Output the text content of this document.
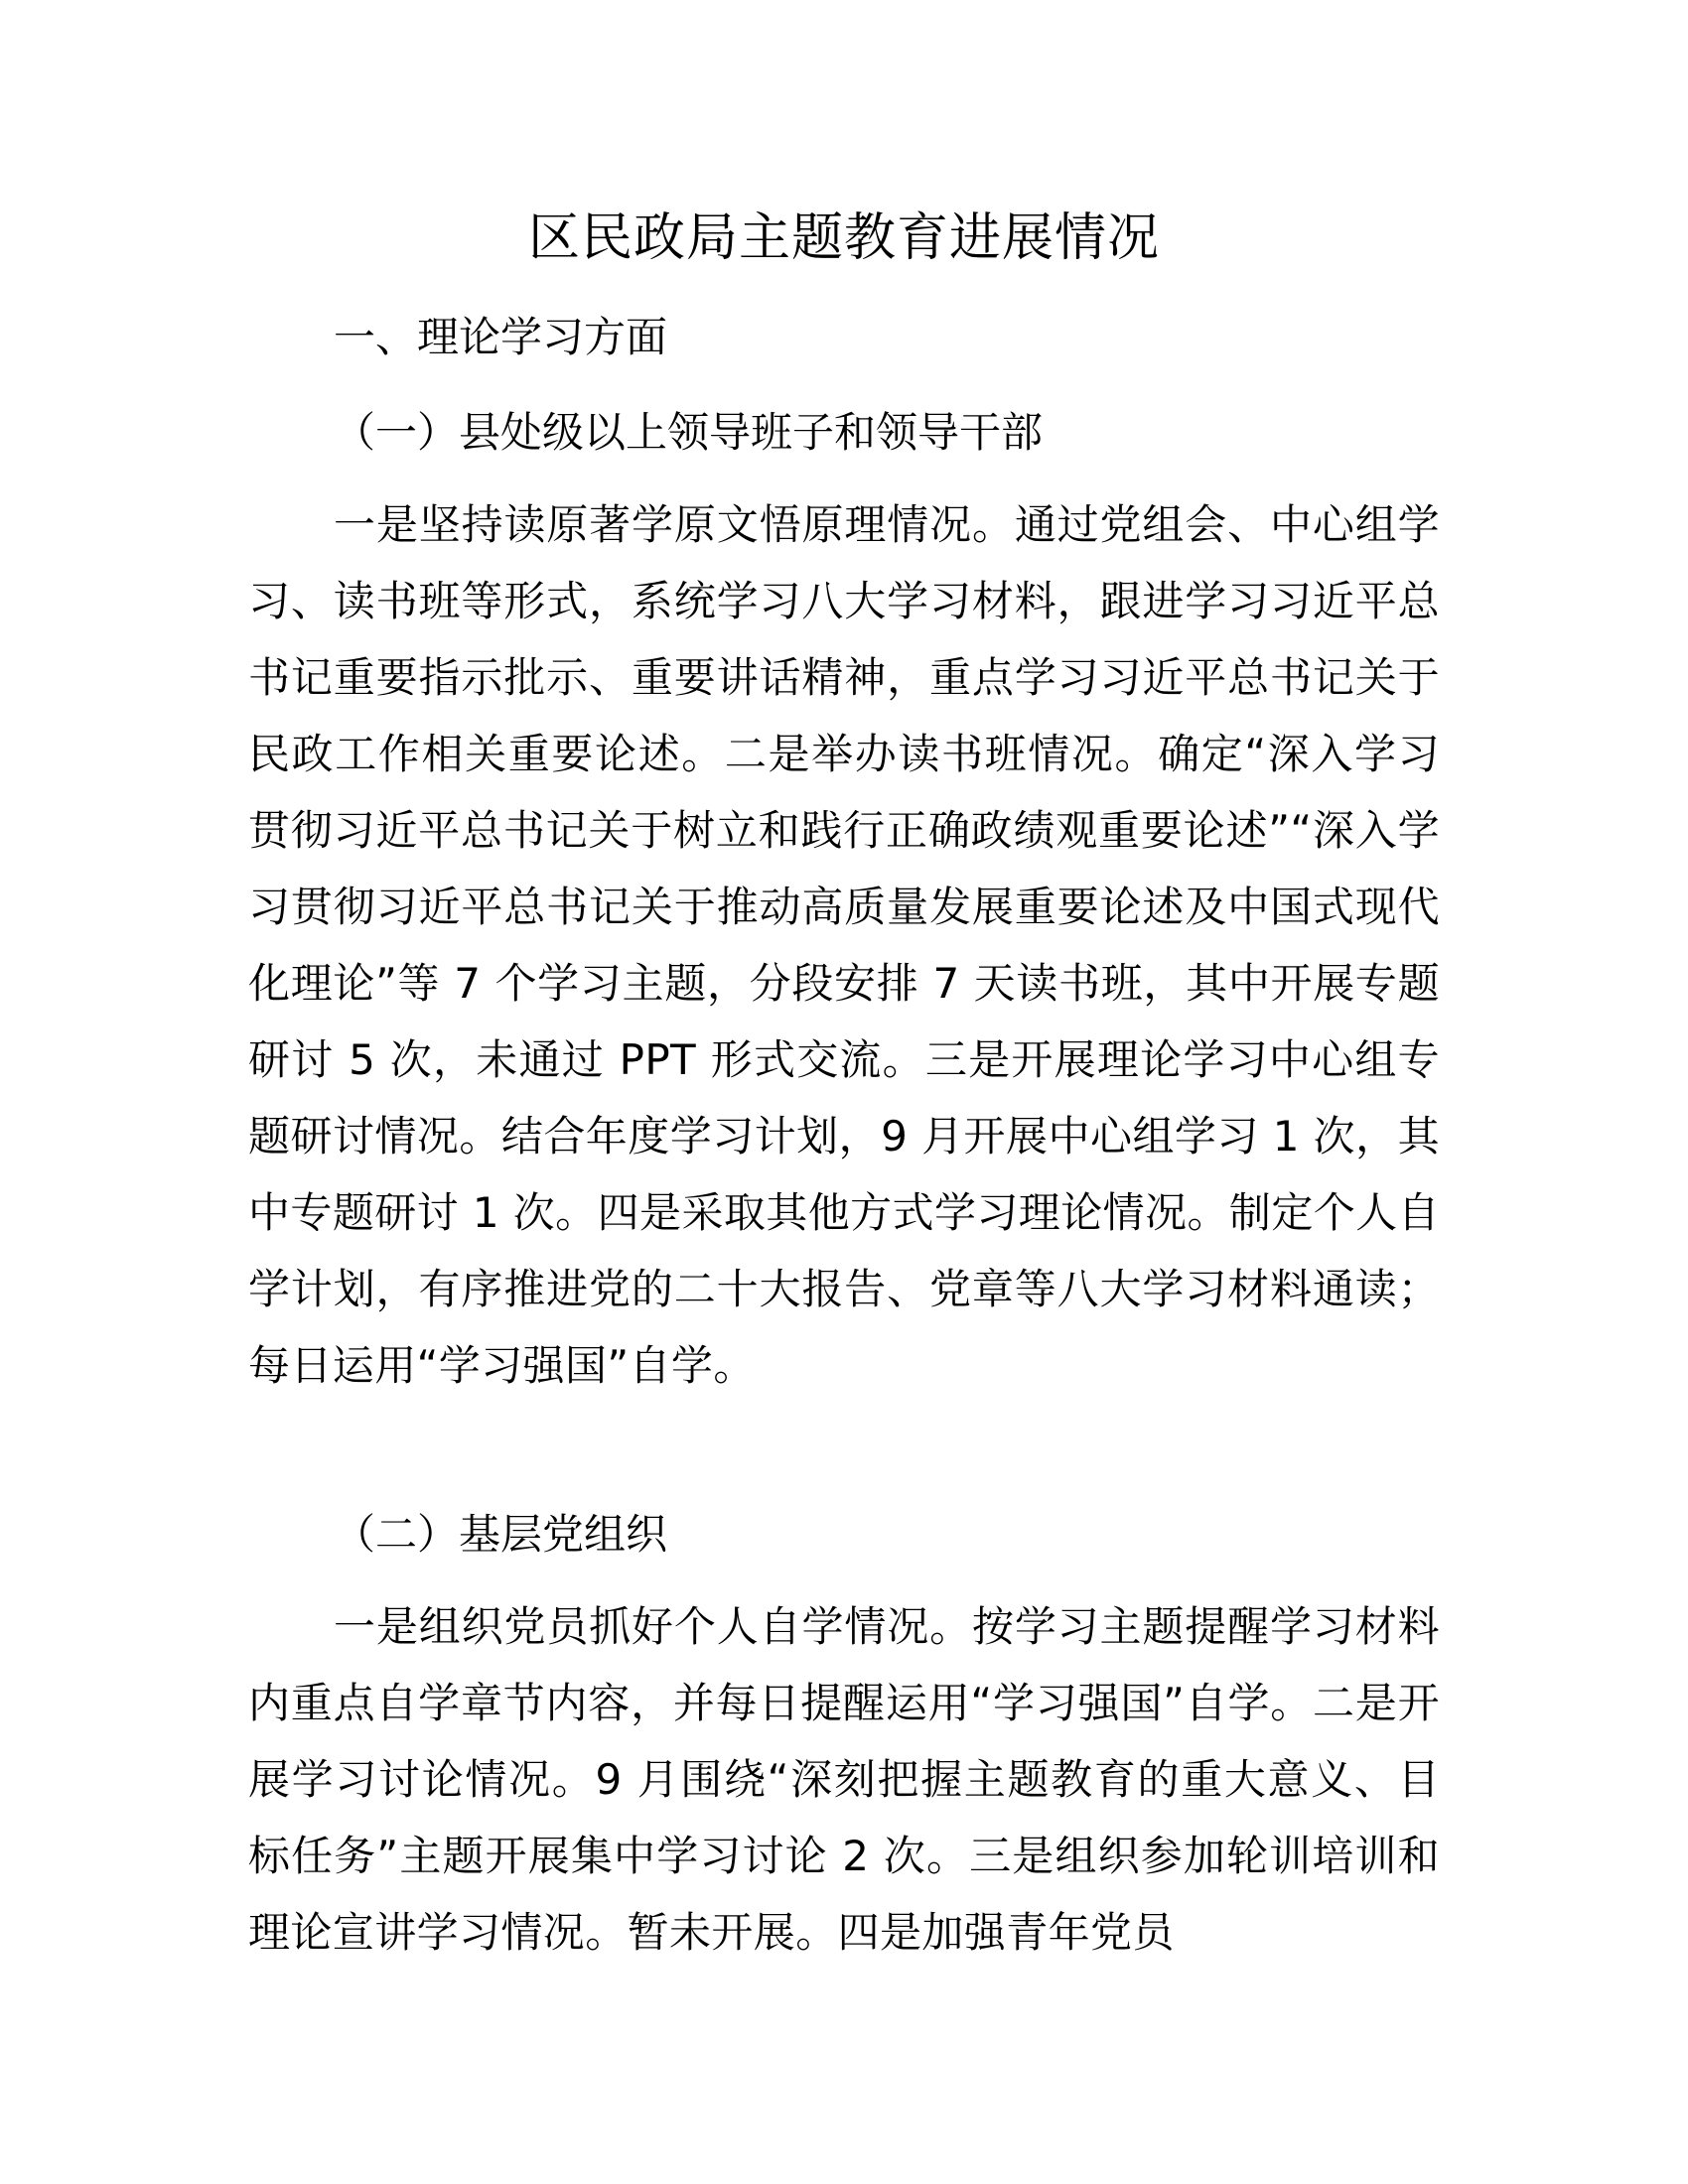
区民政局主题教育进展情况
一、理论学习方面
（一）县处级以上领导班子和领导干部

一是坚持读原著学原文悟原理情况。通过党组会、中心组学习、读书班等形式，系统学习八大学习材料，跟进学习习近平总书记重要指示批示、重要讲话精神，重点学习习近平总书记关于民政工作相关重要论述。二是举办读书班情况。确定“深入学习贯彻习近平总书记关于树立和践行正确政绩观重要论述”“深入学习贯彻习近平总书记关于推动高质量发展重要论述及中国式现代化理论”等 7 个学习主题，分段安排 7 天读书班，其中开展专题研讨 5 次，未通过 PPT 形式交流。三是开展理论学习中心组专题研讨情况。结合年度学习计划，9 月开展中心组学习 1 次，其中专题研讨 1 次。四是采取其他方式学习理论情况。制定个人自学计划，有序推进党的二十大报告、党章等八大学习材料通读；每日运用“学习强国”自学。

（二）基层党组织

一是组织党员抓好个人自学情况。按学习主题提醒学习材料内重点自学章节内容，并每日提醒运用“学习强国”自学。二是开展学习讨论情况。9 月围绕“深刻把握主题教育的重大意义、目标任务”主题开展集中学习讨论 2 次。三是组织参加轮训培训和理论宣讲学习情况。暂未开展。四是加强青年党员
